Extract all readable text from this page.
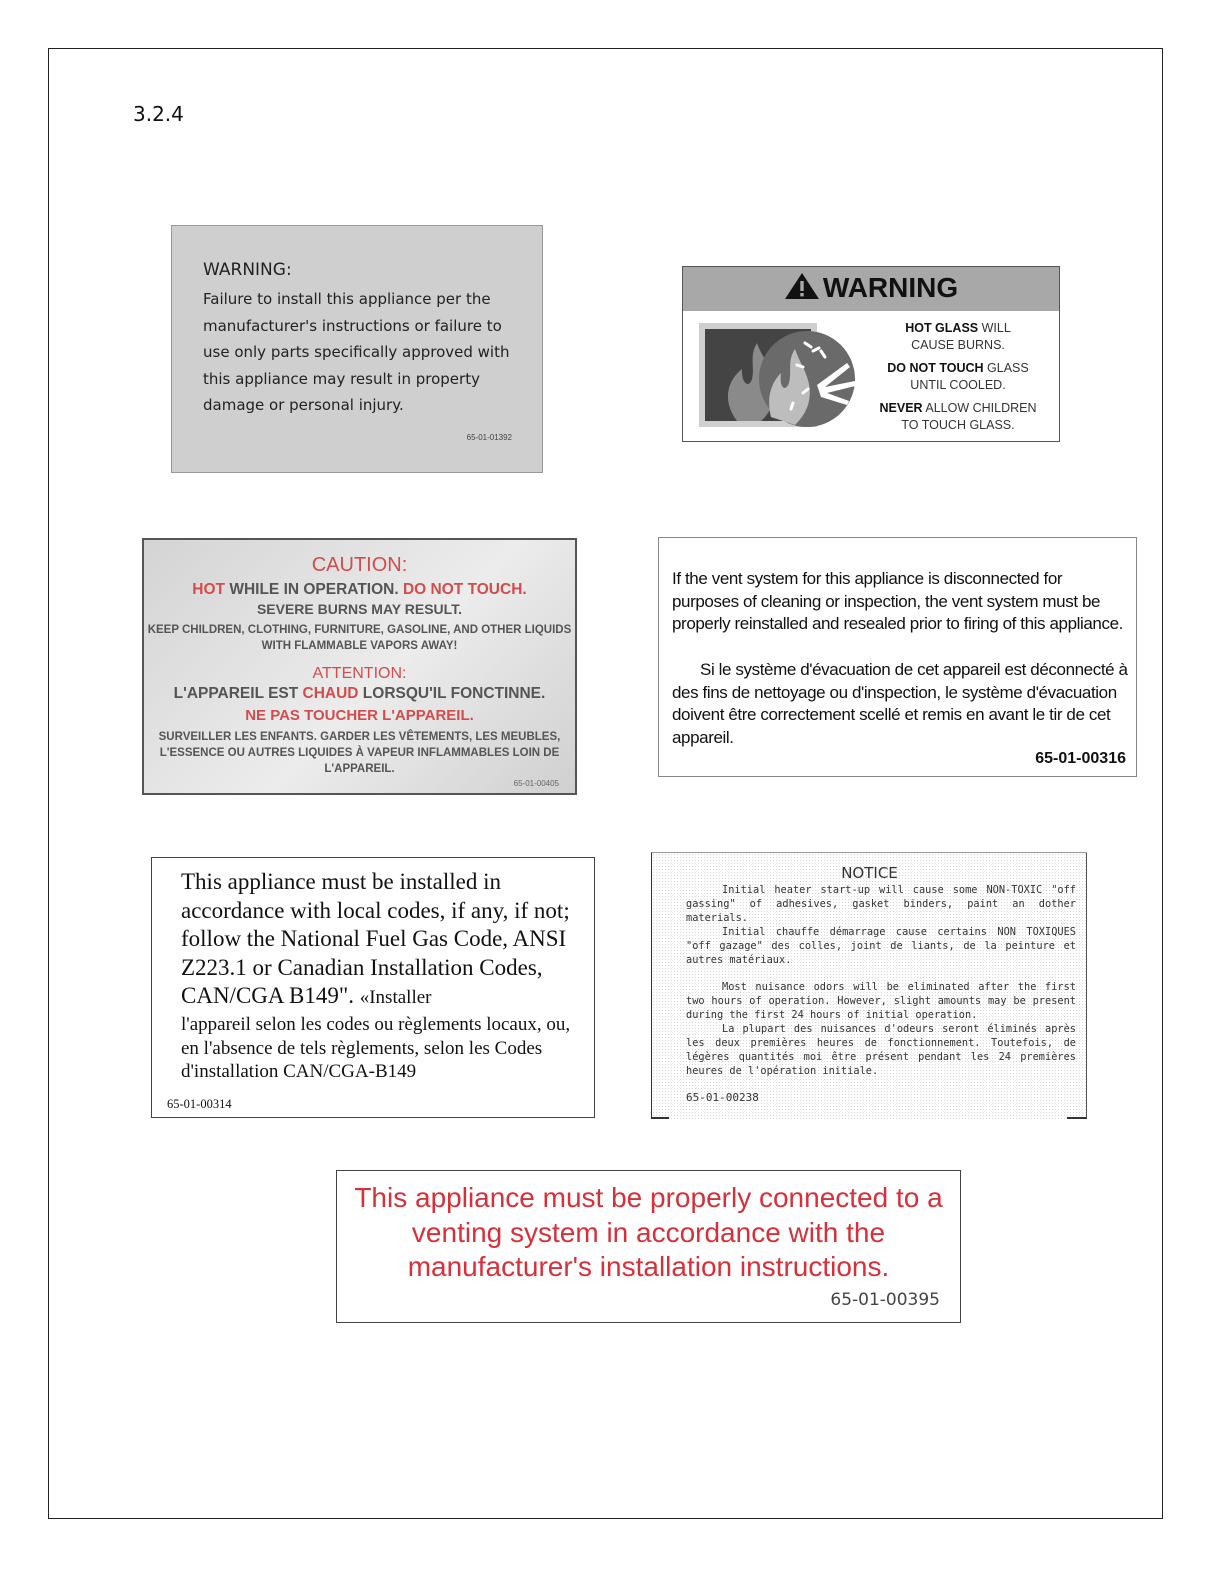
3.2.4
WARNING:
Failure to install this appliance per the manufacturer's instructions or failure to use only parts specifically approved with this appliance may result in property damage or personal injury.
65-01-01392
WARNING
HOT GLASS WILL
CAUSE BURNS.
DO NOT TOUCH GLASS
UNTIL COOLED.
NEVER ALLOW CHILDREN
TO TOUCH GLASS.
CAUTION:
HOT WHILE IN OPERATION. DO NOT TOUCH.
SEVERE BURNS MAY RESULT.
KEEP CHILDREN, CLOTHING, FURNITURE, GASOLINE, AND OTHER LIQUIDS WITH FLAMMABLE VAPORS AWAY!
ATTENTION:
L'APPAREIL EST CHAUD LORSQU'IL FONCTINNE.
NE PAS TOUCHER L'APPAREIL.
SURVEILLER LES ENFANTS. GARDER LES VÊTEMENTS, LES MEUBLES, L'ESSENCE OU AUTRES LIQUIDES À VAPEUR INFLAMMABLES LOIN DE L'APPAREIL.
65-01-00405
If the vent system for this appliance is disconnected for purposes of cleaning or inspection, the vent system must be properly reinstalled and resealed prior to firing of this appliance.
Si le système d'évacuation de cet appareil est déconnecté à des fins de nettoyage ou d'inspection, le système d'évacuation doivent être correctement scellé et remis en avant le tir de cet appareil.
65-01-00316
This appliance must be installed in accordance with local codes, if any, if not; follow the National Fuel Gas Code, ANSI Z223.1 or Canadian Installation Codes, CAN/CGA B149". «Installer
l'appareil selon les codes ou règlements locaux, ou, en l'absence de tels règlements, selon les Codes d'installation CAN/CGA-B149
65-01-00314
NOTICE
Initial heater start-up will cause some NON-TOXIC "off gassing" of adhesives, gasket binders, paint an dother materials.
Initial chauffe démarrage cause certains NON TOXIQUES "off gazage" des colles, joint de liants, de la peinture et autres matériaux.
Most nuisance odors will be eliminated after the first two hours of operation. However, slight amounts may be present during the first 24 hours of initial operation.
La plupart des nuisances d'odeurs seront éliminés après les deux premières heures de fonctionnement. Toutefois, de légères quantités moi être présent pendant les 24 premières heures de l'opération initiale.
65-01-00238
This appliance must be properly connected to a venting system in accordance with the manufacturer's installation instructions.
65-01-00395
